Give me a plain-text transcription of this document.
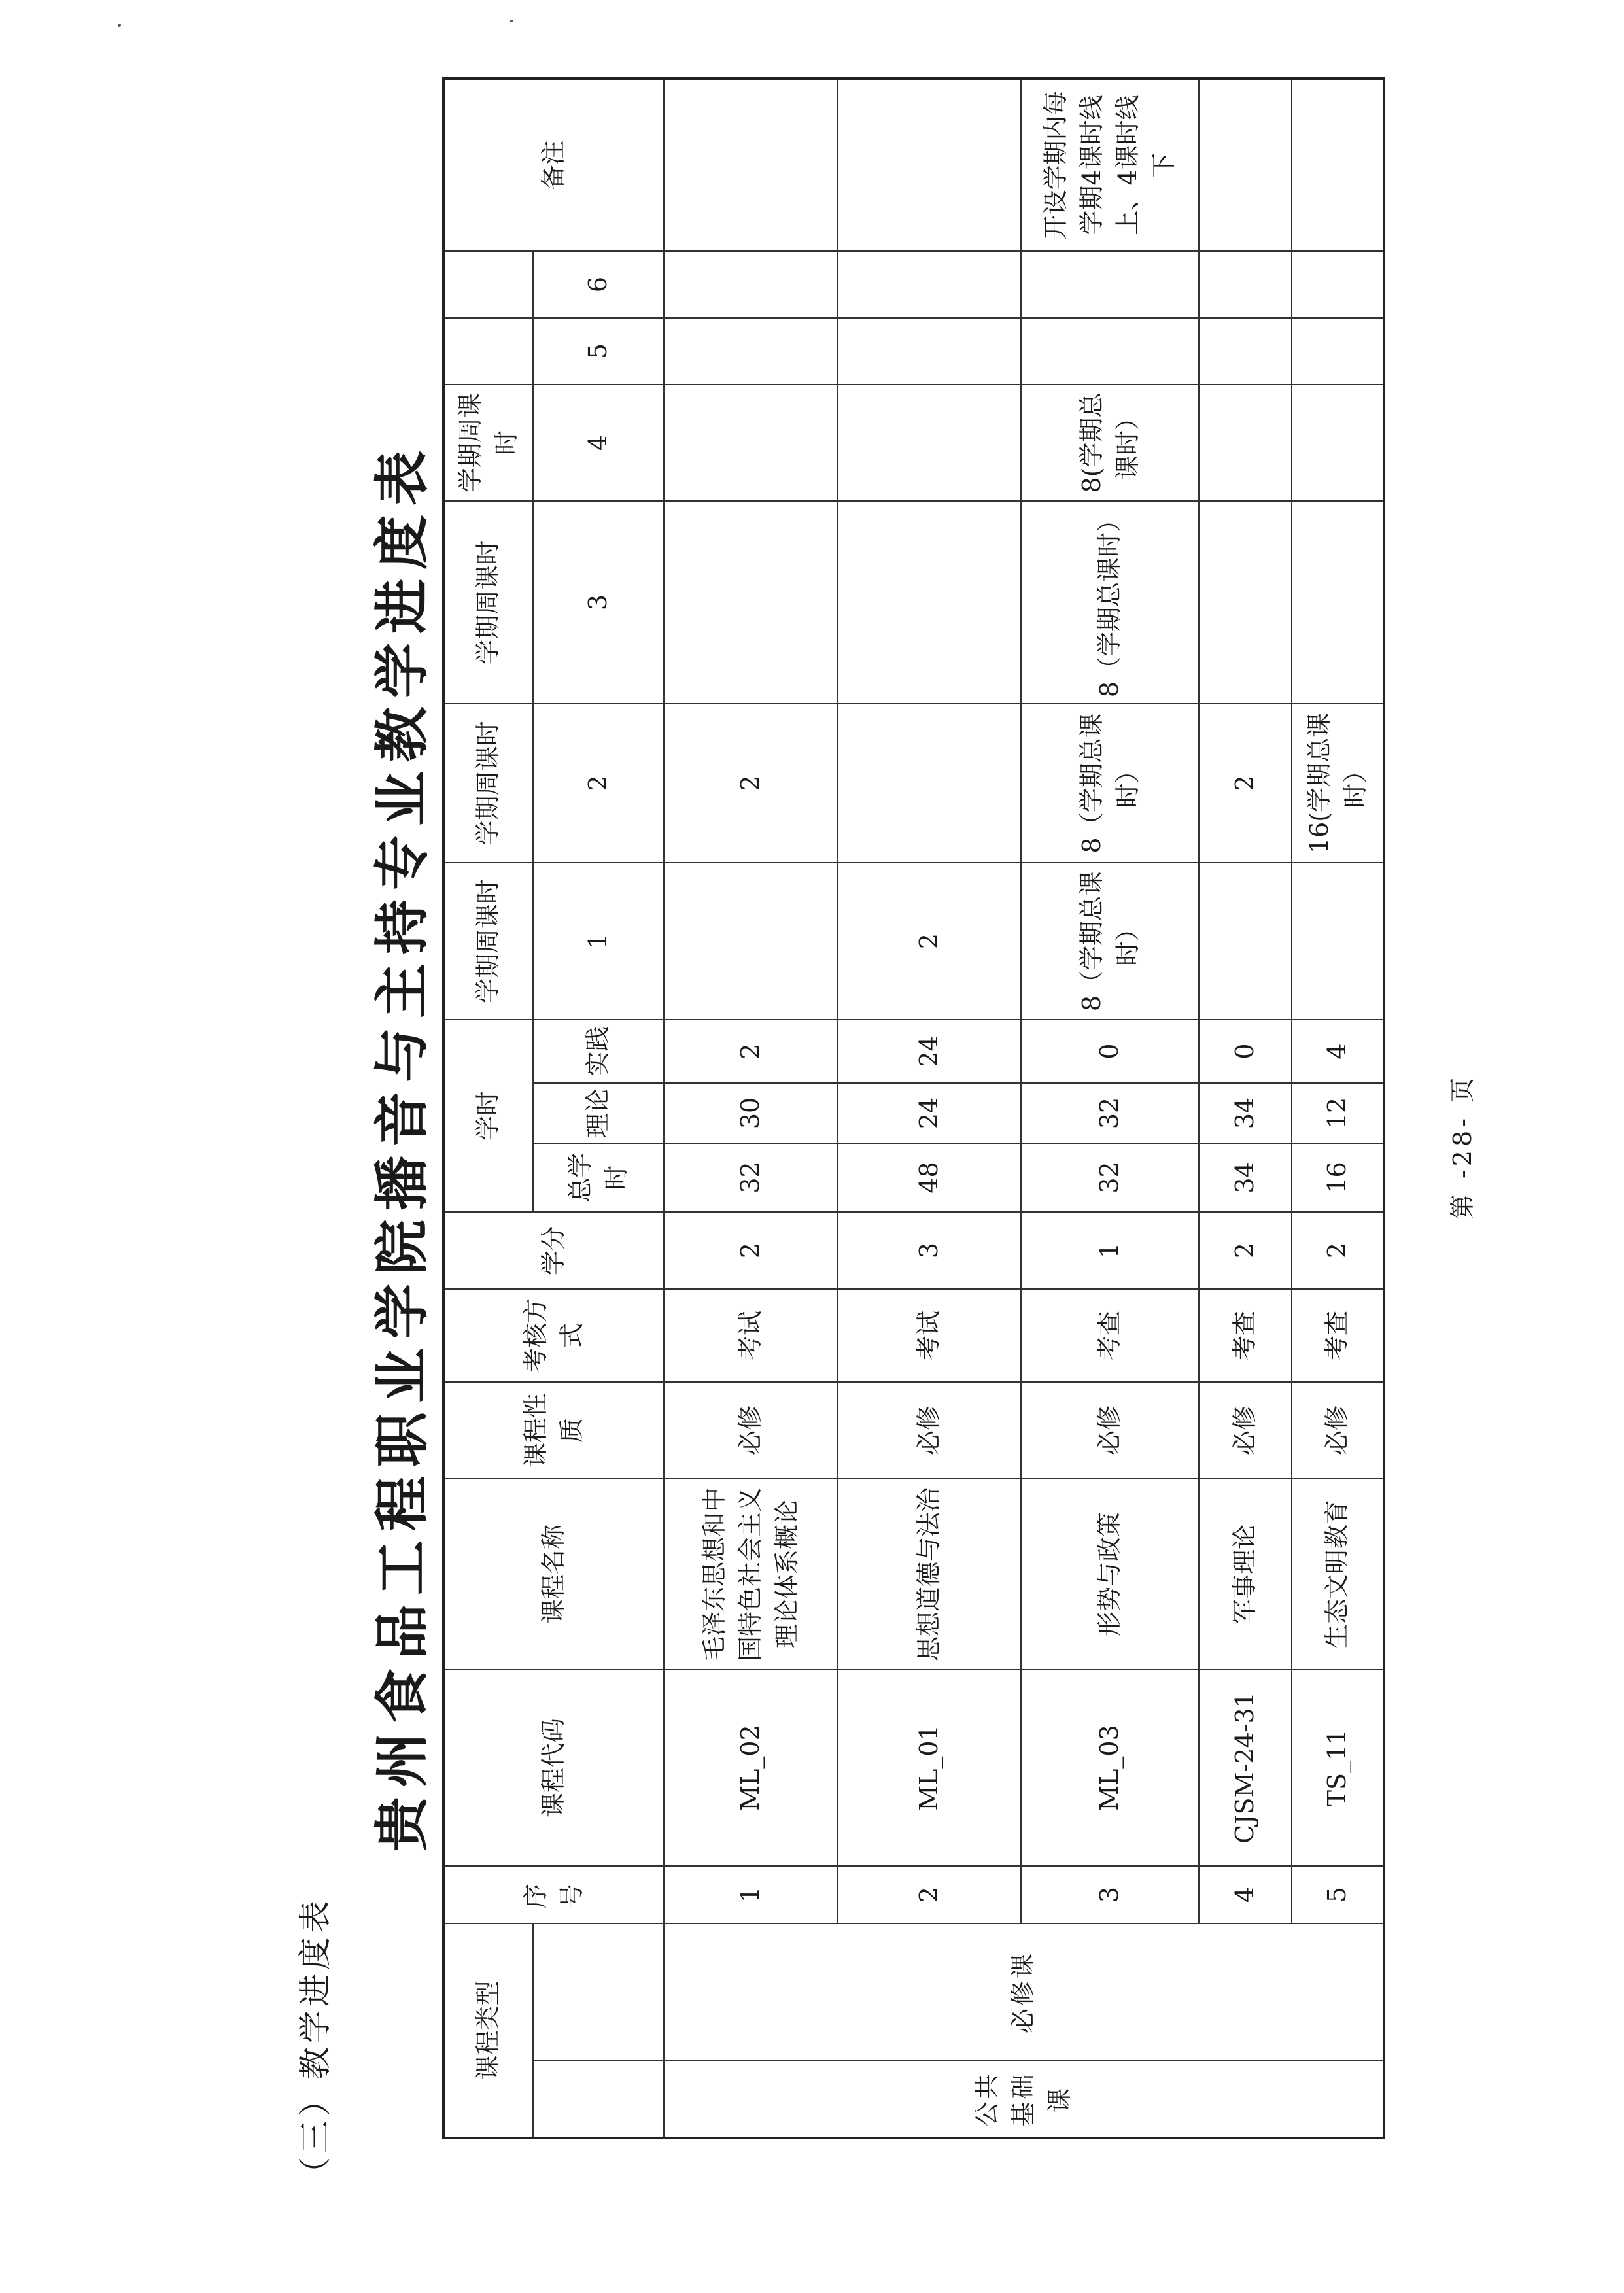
（三）教学进度表
贵州食品工程职业学院播音与主持专业教学进度表
课程类型		序号	课程代码	课程名称	课程性质	考核方式	学分	学时			学期周课时	学期周课时	学期周课时	学期周课时			备注
								总学时	理论	实践	1	2	3	4	5	6	
公共基础课	必修课	1	ML_02	毛泽东思想和中国特色社会主义理论体系概论	必修	考试	2	32	30	2		2					
		2	ML_01	思想道德与法治	必修	考试	3	48	24	24	2						
		3	ML_03	形势与政策	必修	考查	1	32	32	0	8（学期总课时）	8（学期总课时）	8（学期总课时）	8(学期总课时）			开设学期内每学期4课时线上、4课时线下
		4	CJSM-24-31	军事理论	必修	考查	2	34	34	0		2					
		5	TS_11	生态文明教育	必修	考查	2	16	12	4		16(学期总课时）					
第 -28- 页
